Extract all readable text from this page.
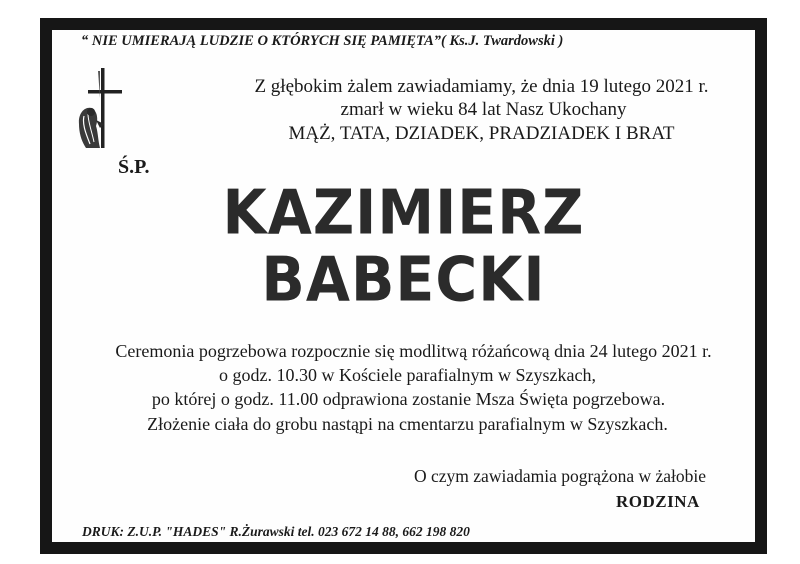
“ NIE UMIERAJĄ LUDZIE O KTÓRYCH SIĘ PAMIĘTA”( Ks.J. Twardowski )
Z głębokim żalem zawiadamiamy, że dnia 19 lutego 2021 r.
zmarł w wieku 84 lat Nasz Ukochany
MĄŻ, TATA, DZIADEK, PRADZIADEK I BRAT
Ś.P.
KAZIMIERZ
BABECKI
Ceremonia pogrzebowa rozpocznie się modlitwą różańcową dnia 24 lutego 2021 r.
o godz. 10.30 w Kościele parafialnym w Szyszkach,
po której o godz. 11.00 odprawiona zostanie Msza Święta pogrzebowa.
Złożenie ciała do grobu nastąpi na cmentarzu parafialnym w Szyszkach.
O czym zawiadamia pogrążona w żałobie
RODZINA
DRUK: Z.U.P. "HADES" R.Żurawski tel. 023 672 14 88, 662 198 820
